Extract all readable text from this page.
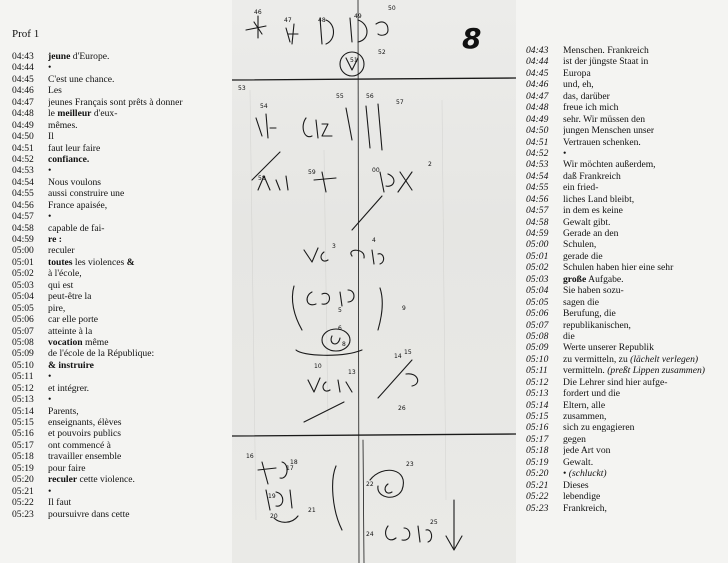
Prof 1
04:43	jeune d'Europe.
04:44	•
04:45	C'est une chance.
04:46	Les
04:47	jeunes Français sont prêts à donner
04:48	le meilleur d'eux-
04:49	mêmes.
04:50	Il
04:51	faut leur faire
04:52	confiance.
04:53	•
04:54	Nous voulons
04:55	aussi construire une
04:56	France apaisée,
04:57	•
04:58	capable de fai-
04:59	re :
05:00	reculer
05:01	toutes les violences &
05:02	à l'école,
05:03	qui est
05:04	peut-être la
05:05	pire,
05:06	car elle porte
05:07	atteinte à la
05:08	vocation même
05:09	de l'école de la République:
05:10	& instruire
05:11	•
05:12	et intégrer.
05:13	•
05:14	Parents,
05:15	enseignants, élèves
05:16	et pouvoirs publics
05:17	ont commencé à
05:18	travailler ensemble
05:19	pour faire
05:20	reculer cette violence.
05:21	•
05:22	Il faut
05:23	poursuivre dans cette
46
47	48
49
50
51
52
53
54
55	56
57
58
59	00
2
3
4
5
6
8
9
10
13
14
15
16
17
18
19
20
21
22
23
24
25
26
8	04:43	Menschen. Frankreich
04:44	ist der jüngste Staat in
04:45	Europa
04:46	und, eh,
04:47	das, darüber
04:48	freue ich mich
04:49	sehr. Wir müssen den
04:50	jungen Menschen unser
04:51	Vertrauen schenken.
04:52	•
04:53	Wir möchten außerdem,
04:54	daß Frankreich
04:55	ein fried-
04:56	liches Land bleibt,
04:57	in dem es keine
04:58	Gewalt gibt.
04:59	Gerade an den
05:00	Schulen,
05:01	gerade die
05:02	Schulen haben hier eine sehr
05:03	große Aufgabe.
05:04	Sie haben sozu-
05:05	sagen die
05:06	Berufung, die
05:07	republikanischen,
05:08	die
05:09	Werte unserer Republik
05:10	zu vermitteln, zu (lächelt verlegen)
05:11	vermitteln. (preßt Lippen zusammen)
05:12	Die Lehrer sind hier aufge-
05:13	fordert und die
05:14	Eltern, alle
05:15	zusammen,
05:16	sich zu engagieren
05:17	gegen
05:18	jede Art von
05:19	Gewalt.
05:20	• (schluckt)
05:21	Dieses
05:22	lebendige
05:23	Frankreich,
